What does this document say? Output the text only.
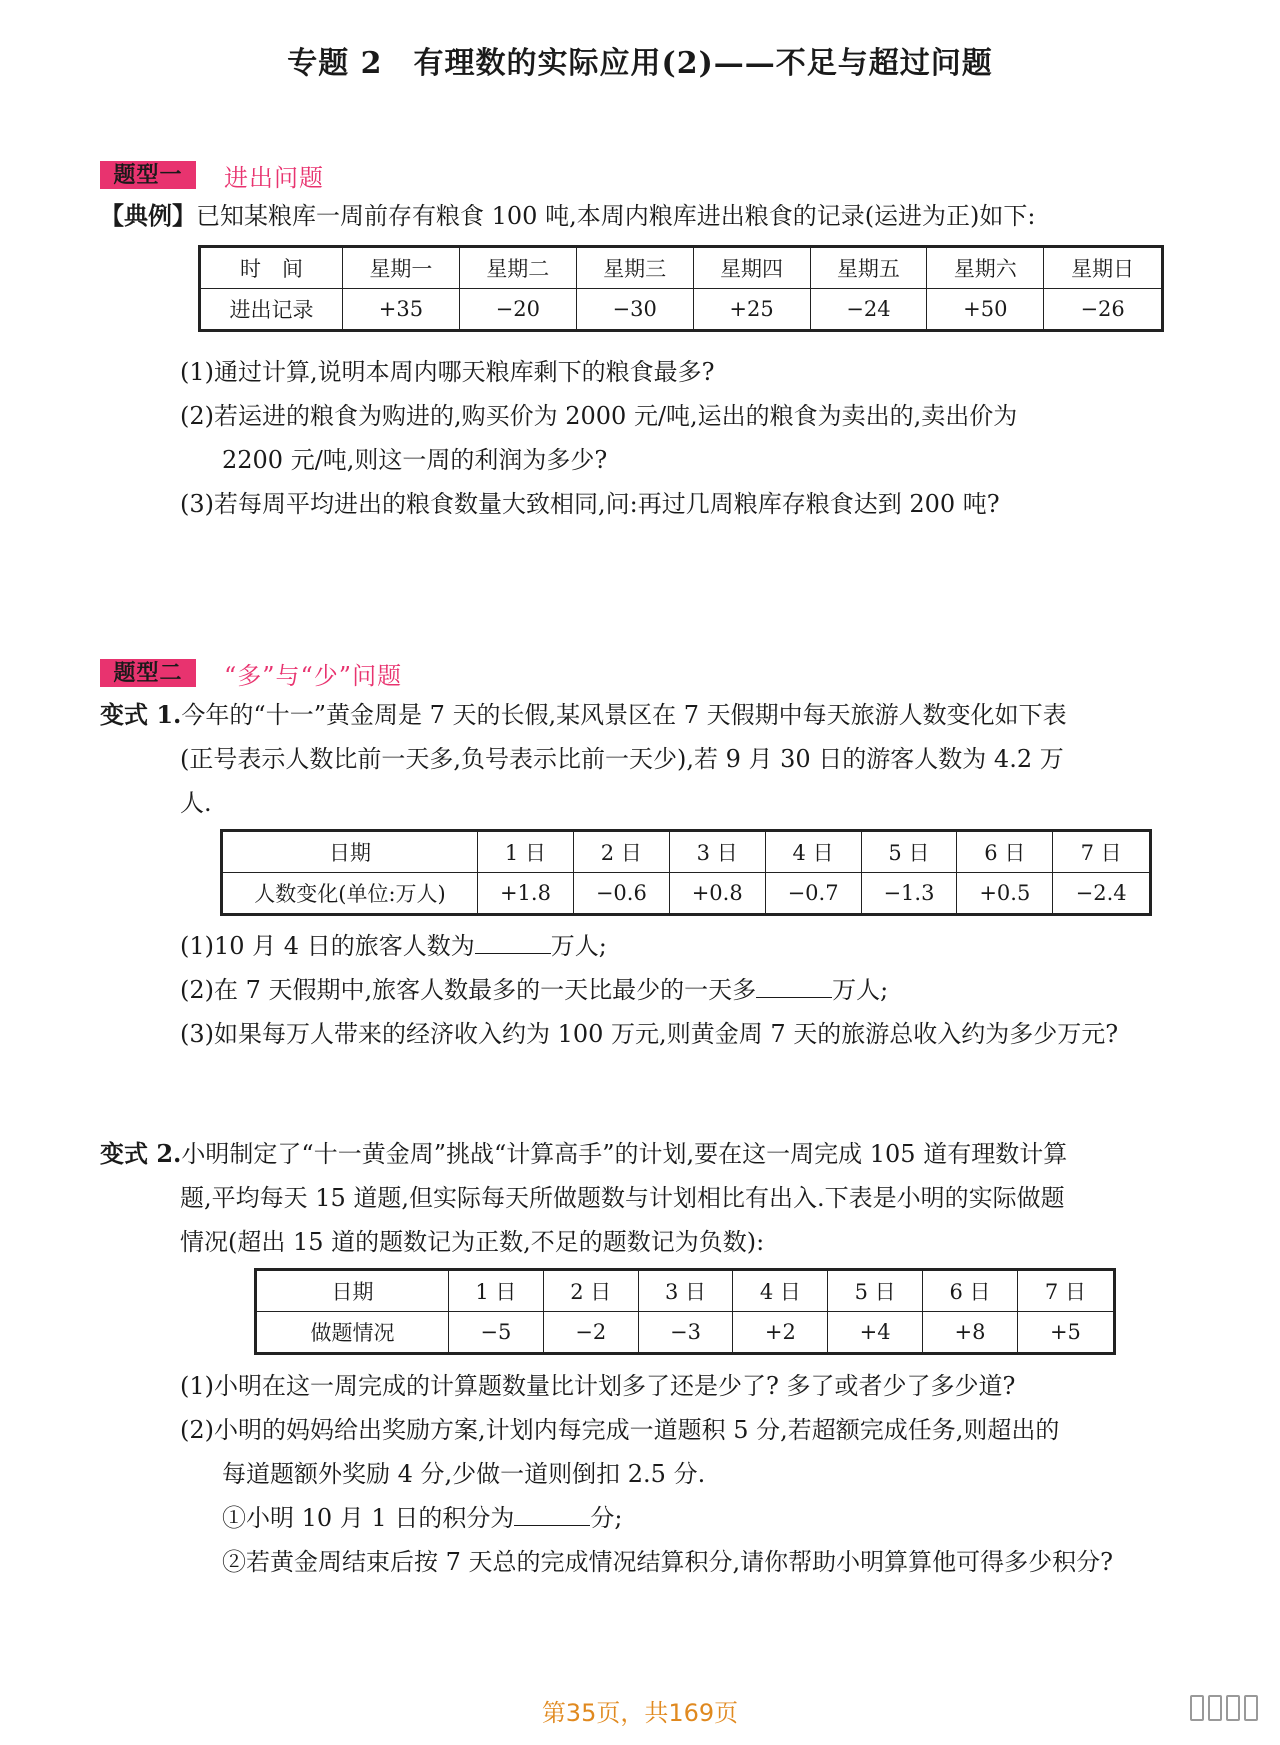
专题 2　有理数的实际应用(2)——不足与超过问题
题型一	进出问题

【典例】已知某粮库一周前存有粮食 100 吨,本周内粮库进出粮食的记录(运进为正)如下:

时　间	星期一	星期二	星期三	星期四	星期五	星期六	星期日
进出记录	+35	−20	−30	+25	−24	+50	−26

(1)通过计算,说明本周内哪天粮库剩下的粮食最多?

(2)若运进的粮食为购进的,购买价为 2000 元/吨,运出的粮食为卖出的,卖出价为

2200 元/吨,则这一周的利润为多少?

(3)若每周平均进出的粮食数量大致相同,问:再过几周粮库存粮食达到 200 吨?

题型二	“多”与“少”问题

变式 1.今年的“十一”黄金周是 7 天的长假,某风景区在 7 天假期中每天旅游人数变化如下表

(正号表示人数比前一天多,负号表示比前一天少),若 9 月 30 日的游客人数为 4.2 万

人.

日期	1 日	2 日	3 日	4 日	5 日	6 日	7 日
人数变化(单位:万人)	+1.8	−0.6	+0.8	−0.7	−1.3	+0.5	−2.4

(1)10 月 4 日的旅客人数为	万人;

(2)在 7 天假期中,旅客人数最多的一天比最少的一天多	万人;

(3)如果每万人带来的经济收入约为 100 万元,则黄金周 7 天的旅游总收入约为多少万元?

变式 2.小明制定了“十一黄金周”挑战“计算高手”的计划,要在这一周完成 105 道有理数计算

题,平均每天 15 道题,但实际每天所做题数与计划相比有出入.下表是小明的实际做题

情况(超出 15 道的题数记为正数,不足的题数记为负数):

日期	1 日	2 日	3 日	4 日	5 日	6 日	7 日
做题情况	−5	−2	−3	+2	+4	+8	+5

(1)小明在这一周完成的计算题数量比计划多了还是少了? 多了或者少了多少道?

(2)小明的妈妈给出奖励方案,计划内每完成一道题积 5 分,若超额完成任务,则超出的

每道题额外奖励 4 分,少做一道则倒扣 2.5 分.

①小明 10 月 1 日的积分为	分;

②若黄金周结束后按 7 天总的完成情况结算积分,请你帮助小明算算他可得多少积分?

第35页，共169页
